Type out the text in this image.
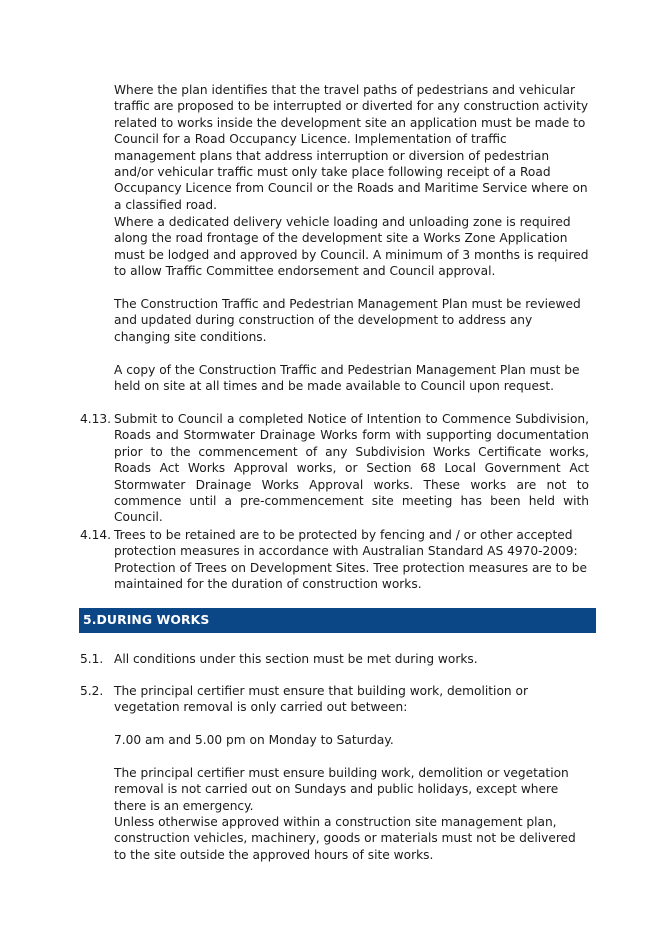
Where the plan identifies that the travel paths of pedestrians and vehicular traffic are proposed to be interrupted or diverted for any construction activity related to works inside the development site an application must be made to Council for a Road Occupancy Licence. Implementation of traffic management plans that address interruption or diversion of pedestrian and/or vehicular traffic must only take place following receipt of a Road Occupancy Licence from Council or the Roads and Maritime Service where on a classified road.

Where a dedicated delivery vehicle loading and unloading zone is required along the road frontage of the development site a Works Zone Application must be lodged and approved by Council. A minimum of 3 months is required to allow Traffic Committee endorsement and Council approval.

The Construction Traffic and Pedestrian Management Plan must be reviewed and updated during construction of the development to address any changing site conditions.

A copy of the Construction Traffic and Pedestrian Management Plan must be held on site at all times and be made available to Council upon request.

4.13. Submit to Council a completed Notice of Intention to Commence Subdivision, Roads and Stormwater Drainage Works form with supporting documentation prior to the commencement of any Subdivision Works Certificate works, Roads Act Works Approval works, or Section 68 Local Government Act Stormwater Drainage Works Approval works. These works are not to commence until a pre-commencement site meeting has been held with Council.

4.14. Trees to be retained are to be protected by fencing and / or other accepted protection measures in accordance with Australian Standard AS 4970-2009: Protection of Trees on Development Sites. Tree protection measures are to be maintained for the duration of construction works.

5.DURING WORKS
5.1. All conditions under this section must be met during works.

5.2. The principal certifier must ensure that building work, demolition or vegetation removal is only carried out between:

7.00 am and 5.00 pm on Monday to Saturday.

The principal certifier must ensure building work, demolition or vegetation removal is not carried out on Sundays and public holidays, except where there is an emergency.

Unless otherwise approved within a construction site management plan, construction vehicles, machinery, goods or materials must not be delivered to the site outside the approved hours of site works.
